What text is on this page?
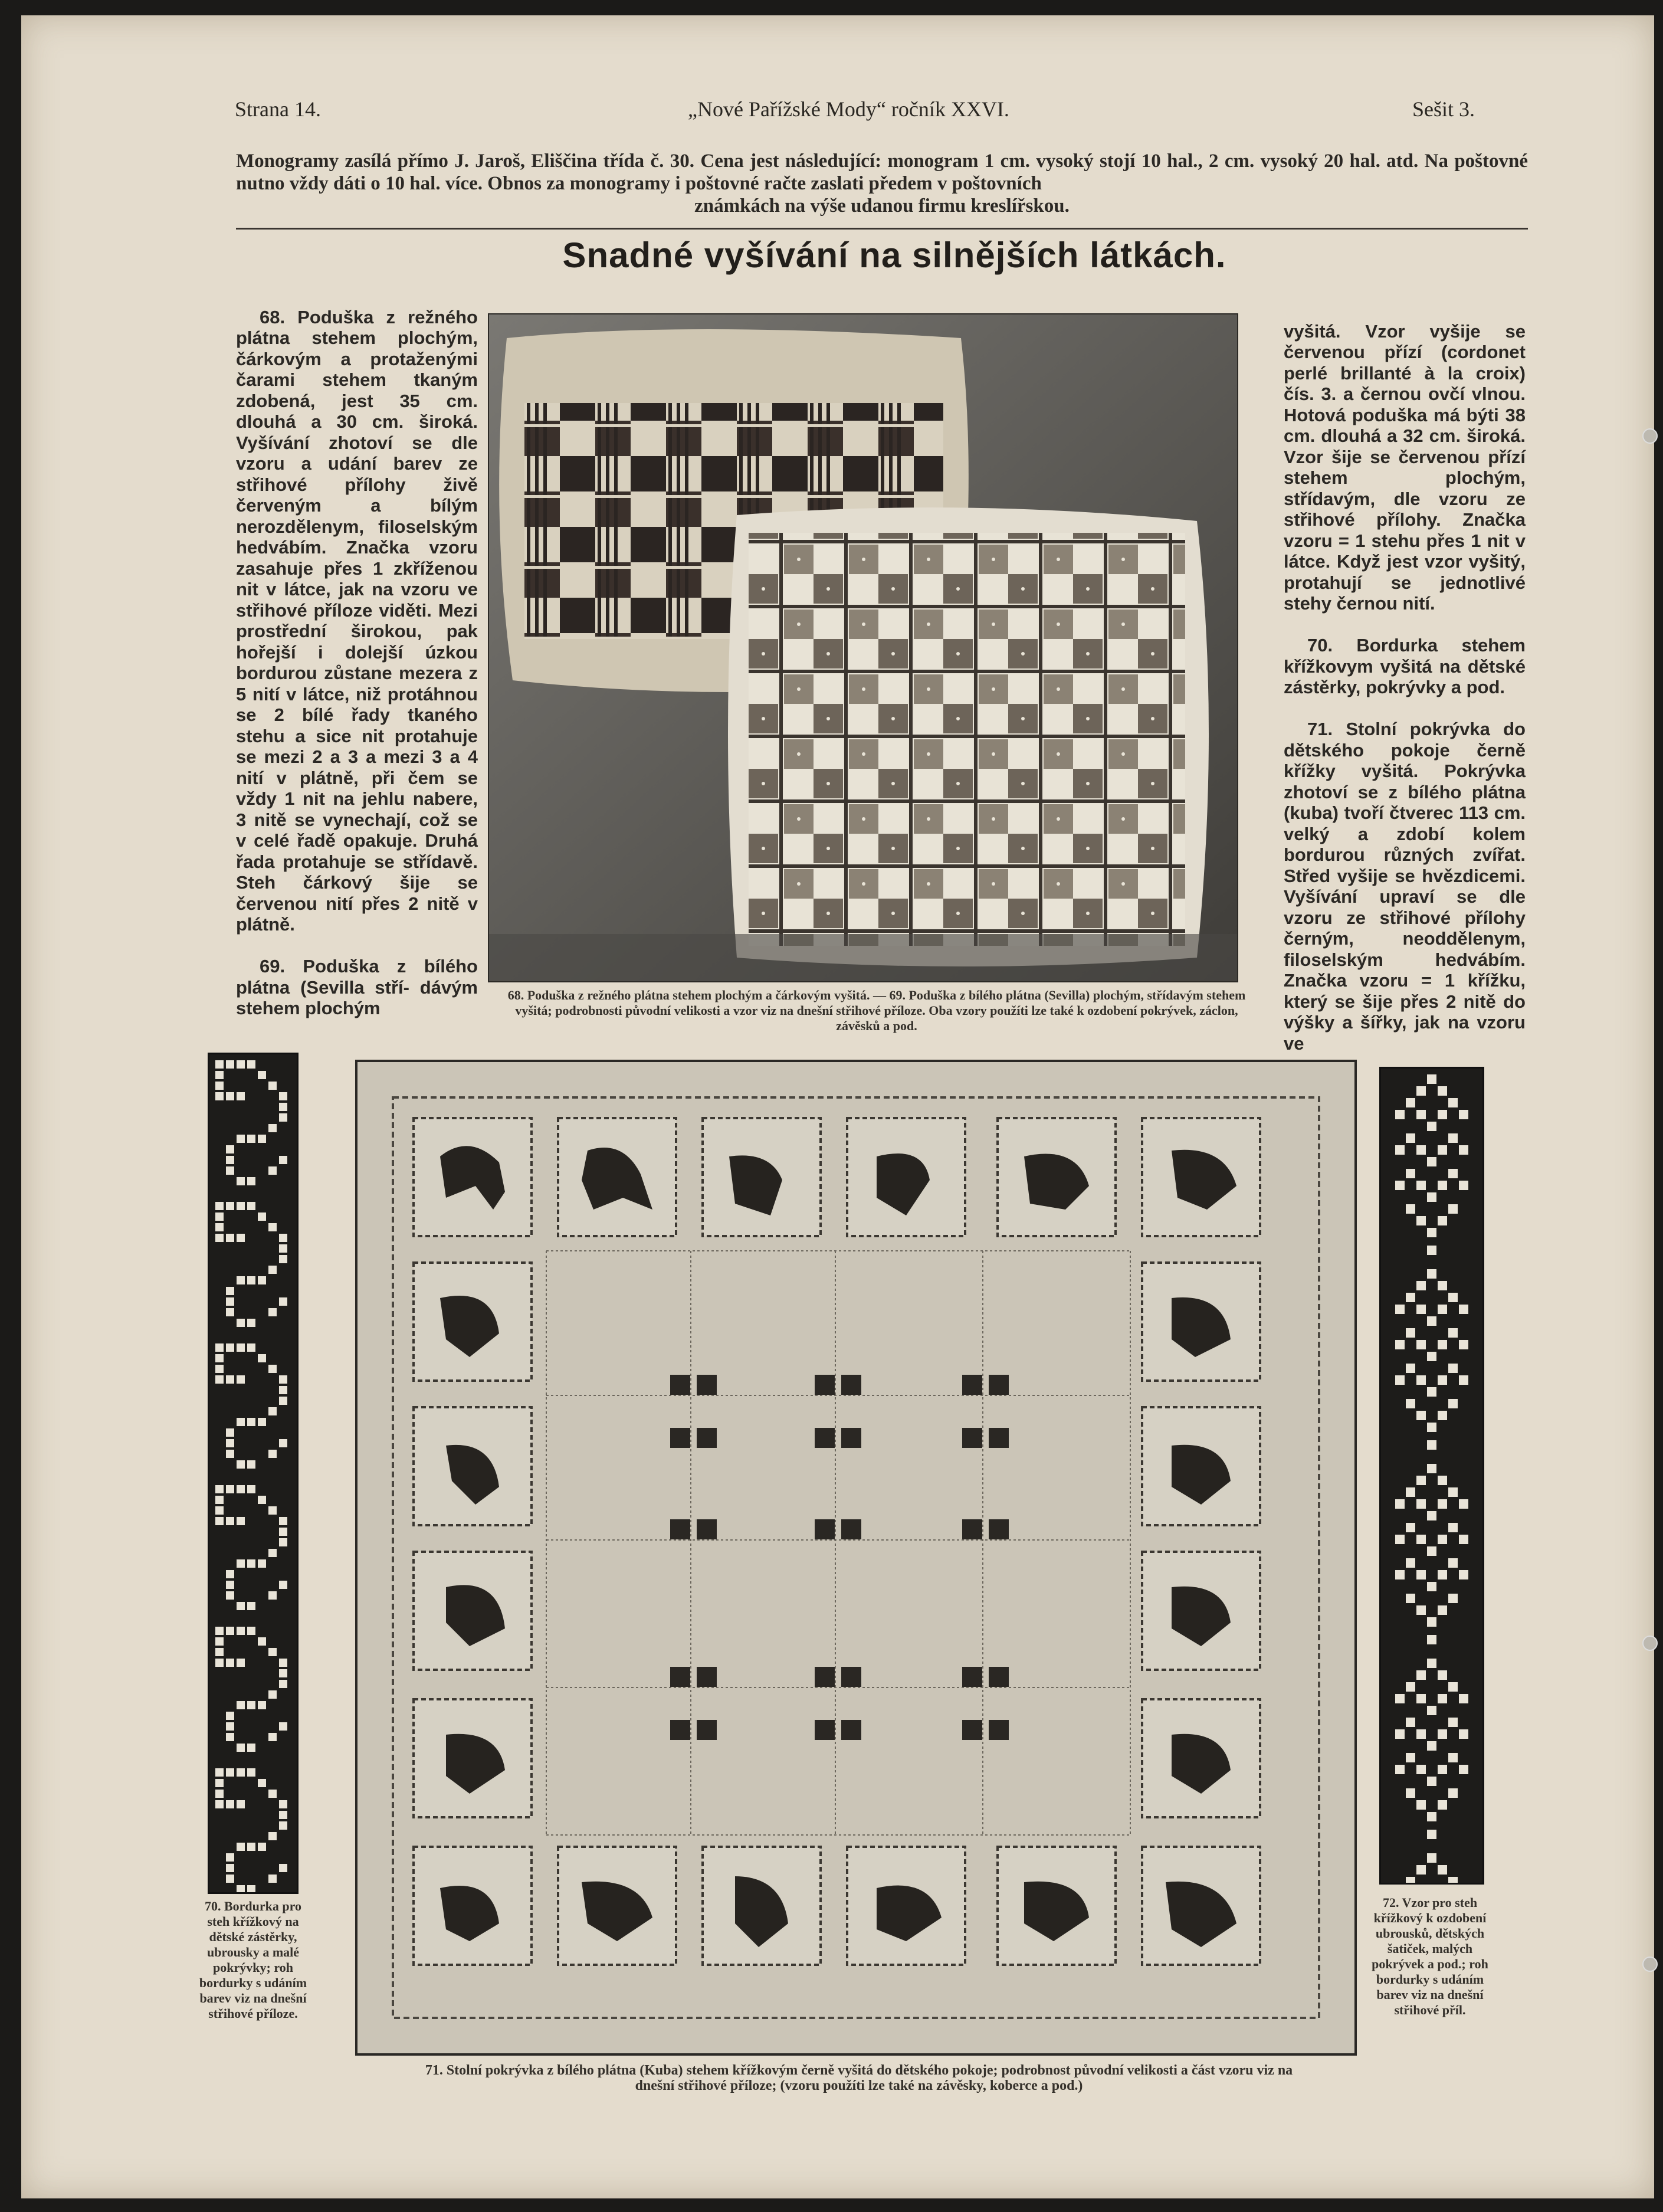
Strana 14.	„Nové Pařížské Mody“ ročník XXVI.	Sešit 3.
Monogramy zasílá přímo J. Jaroš, Eliščina třída č. 30. Cena jest následující: monogram 1 cm. vysoký stojí 10 hal., 2 cm. vysoký 20 hal. atd. Na poštovné nutno vždy dáti o 10 hal. více. Obnos za monogramy i poštovné račte zaslati předem v poštovních
známkách na výše udanou firmu kreslířskou.
Snadné vyšívání na silnějších látkách.

68. Poduška z režného plátna stehem plochým, čárkovým a protaženými čarami stehem tkaným zdobená, jest 35 cm. dlouhá a 30 cm. široká. Vyšívání zhotoví se dle vzoru a udání barev ze střihové přílohy živě červeným a bílým nerozdělenym, filoselským hedvábím. Značka vzoru zasahuje přes 1 zkříženou nit v látce, jak na vzoru ve střihové příloze viděti. Mezi prostřední širokou, pak hořejší i dolejší úzkou bordurou zůstane mezera z 5 nití v látce, niž protáhnou se 2 bílé řady tkaného stehu a sice nit protahuje se mezi 2 a 3 a mezi 3 a 4 nití v plátně, při čem se vždy 1 nit na jehlu nabere, 3 nitě se vynechají, což se v celé řadě opakuje. Druhá řada protahuje se střídavě. Steh čárkový šije se červenou nití přes 2 nitě v plátně.

69. Poduška z bílého plátna (Sevilla stří- dávým stehem plochým

68. Poduška z režného plátna stehem plochým a čárkovým vyšitá. — 69. Poduška z bílého plátna (Sevilla) plochým, střídavým stehem vyšitá; podrobnosti původní velikosti a vzor viz na dnešní střihové příloze. Oba vzory použíti lze také k ozdobení pokrývek, záclon, závěsků a pod.

vyšitá. Vzor vyšije se červenou přízí (cordonet perlé brillanté à la croix) čís. 3. a černou ovčí vlnou. Hotová poduška má býti 38 cm. dlouhá a 32 cm. široká. Vzor šije se červenou přízí stehem plochým, střídavým, dle vzoru ze střihové přílohy. Značka vzoru = 1 stehu přes 1 nit v látce. Když jest vzor vyšitý, protahují se jednotlivé stehy černou nití.

70. Bordurka stehem křížkovym vyšitá na dětské zástěrky, pokrývky a pod.

71. Stolní pokrývka do dětského pokoje černě křížky vyšitá. Pokrývka zhotoví se z bílého plátna (kuba) tvoří čtverec 113 cm. velký a zdobí kolem bordurou různých zvířat. Střed vyšije se hvězdicemi. Vyšívání upraví se dle vzoru ze střihové přílohy černým, neoddělenym, filoselským hedvábím. Značka vzoru = 1 křížku, který se šije přes 2 nitě do výšky a šířky, jak na vzoru ve

70. Bordurka pro steh křížkový na dětské zástěrky, ubrousky a malé pokrývky; roh bordurky s udáním barev viz na dnešní střihové příloze.
71. Stolní pokrývka z bílého plátna (Kuba) stehem křížkovým černě vyšitá do dětského pokoje; podrobnost původní velikosti a část vzoru viz na dnešní střihové příloze; (vzoru použíti lze také na závěsky, koberce a pod.)
72. Vzor pro steh křížkový k ozdobení ubrousků, dětských šatiček, malých pokrývek a pod.; roh bordurky s udáním barev viz na dnešní střihové příl.
